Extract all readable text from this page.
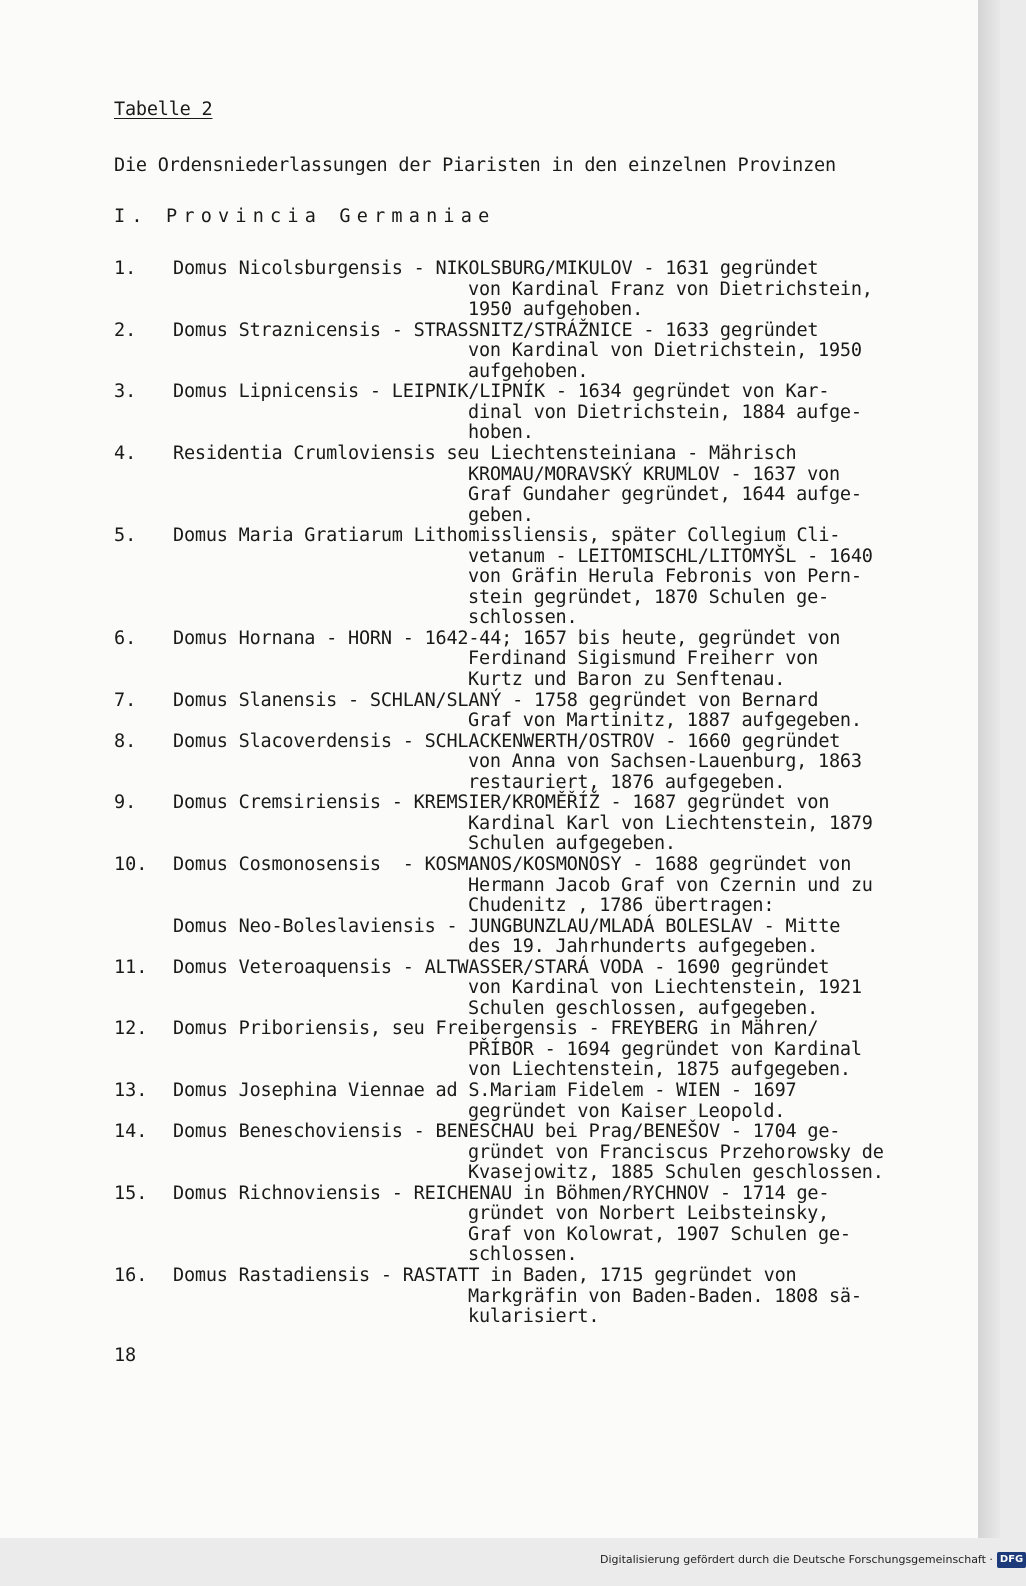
Tabelle 2
Die Ordensniederlassungen der Piaristen in den einzelnen Provinzen
I. Provincia Germaniae
1. Domus Nicolsburgensis - NIKOLSBURG/MIKULOV - 1631 gegründet
von Kardinal Franz von Dietrichstein,
1950 aufgehoben.
2. Domus Straznicensis - STRASSNITZ/STRÁŽNICE - 1633 gegründet
von Kardinal von Dietrichstein, 1950
aufgehoben.
3. Domus Lipnicensis - LEIPNIK/LIPNÍK - 1634 gegründet von Kar-
dinal von Dietrichstein, 1884 aufge-
hoben.
4. Residentia Crumloviensis seu Liechtensteiniana - Mährisch
KROMAU/MORAVSKÝ KRUMLOV - 1637 von
Graf Gundaher gegründet, 1644 aufge-
geben.
5. Domus Maria Gratiarum Lithomissliensis, später Collegium Cli-
vetanum - LEITOMISCHL/LITOMYŠL - 1640
von Gräfin Herula Febronis von Pern-
stein gegründet, 1870 Schulen ge-
schlossen.
6. Domus Hornana - HORN - 1642-44; 1657 bis heute, gegründet von
Ferdinand Sigismund Freiherr von
Kurtz und Baron zu Senftenau.
7. Domus Slanensis - SCHLAN/SLANÝ - 1758 gegründet von Bernard
Graf von Martinitz, 1887 aufgegeben.
8. Domus Slacoverdensis - SCHLACKENWERTH/OSTROV - 1660 gegründet
von Anna von Sachsen-Lauenburg, 1863
restauriert, 1876 aufgegeben.
9. Domus Cremsiriensis - KREMSIER/KROMĚŘÍŽ - 1687 gegründet von
Kardinal Karl von Liechtenstein, 1879
Schulen aufgegeben.
10. Domus Cosmonosensis  - KOSMANOS/KOSMONOSY - 1688 gegründet von
Hermann Jacob Graf von Czernin und zu
Chudenitz , 1786 übertragen:
Domus Neo-Boleslaviensis - JUNGBUNZLAU/MLADÁ BOLESLAV - Mitte
des 19. Jahrhunderts aufgegeben.
11. Domus Veteroaquensis - ALTWASSER/STARÁ VODA - 1690 gegründet
von Kardinal von Liechtenstein, 1921
Schulen geschlossen, aufgegeben.
12. Domus Priboriensis, seu Freibergensis - FREYBERG in Mähren/
PŘÍBOR - 1694 gegründet von Kardinal
von Liechtenstein, 1875 aufgegeben.
13. Domus Josephina Viennae ad S.Mariam Fidelem - WIEN - 1697
gegründet von Kaiser Leopold.
14. Domus Beneschoviensis - BENESCHAU bei Prag/BENEŠOV - 1704 ge-
gründet von Franciscus Przehorowsky de
Kvasejowitz, 1885 Schulen geschlossen.
15. Domus Richnoviensis - REICHENAU in Böhmen/RYCHNOV - 1714 ge-
gründet von Norbert Leibsteinsky,
Graf von Kolowrat, 1907 Schulen ge-
schlossen.
16. Domus Rastadiensis - RASTATT in Baden, 1715 gegründet von
Markgräfin von Baden-Baden. 1808 sä-
kularisiert.
18
Digitalisierung gefördert durch die Deutsche Forschungsgemeinschaft · DFG
